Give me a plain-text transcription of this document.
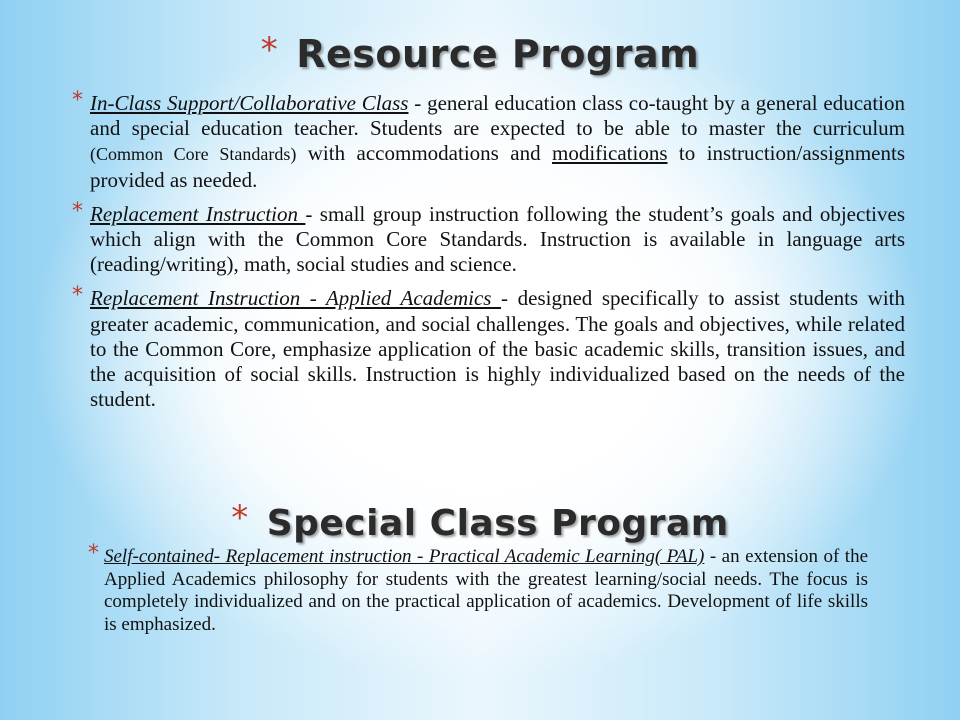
* Resource Program
* In-Class Support/Collaborative Class - general education class co-taught by a general education and special education teacher. Students are expected to be able to master the curriculum (Common Core Standards) with accommodations and modifications to instruction/assignments provided as needed.
* Replacement Instruction - small group instruction following the student’s goals and objectives which align with the Common Core Standards. Instruction is available in language arts (reading/writing), math, social studies and science.
* Replacement Instruction - Applied Academics - designed specifically to assist students with greater academic, communication, and social challenges. The goals and objectives, while related to the Common Core, emphasize application of the basic academic skills, transition issues, and the acquisition of social skills. Instruction is highly individualized based on the needs of the student.
* Special Class Program
* Self-contained- Replacement instruction - Practical Academic Learning( PAL) - an extension of the Applied Academics philosophy for students with the greatest learning/social needs. The focus is completely individualized and on the practical application of academics. Development of life skills is emphasized.
